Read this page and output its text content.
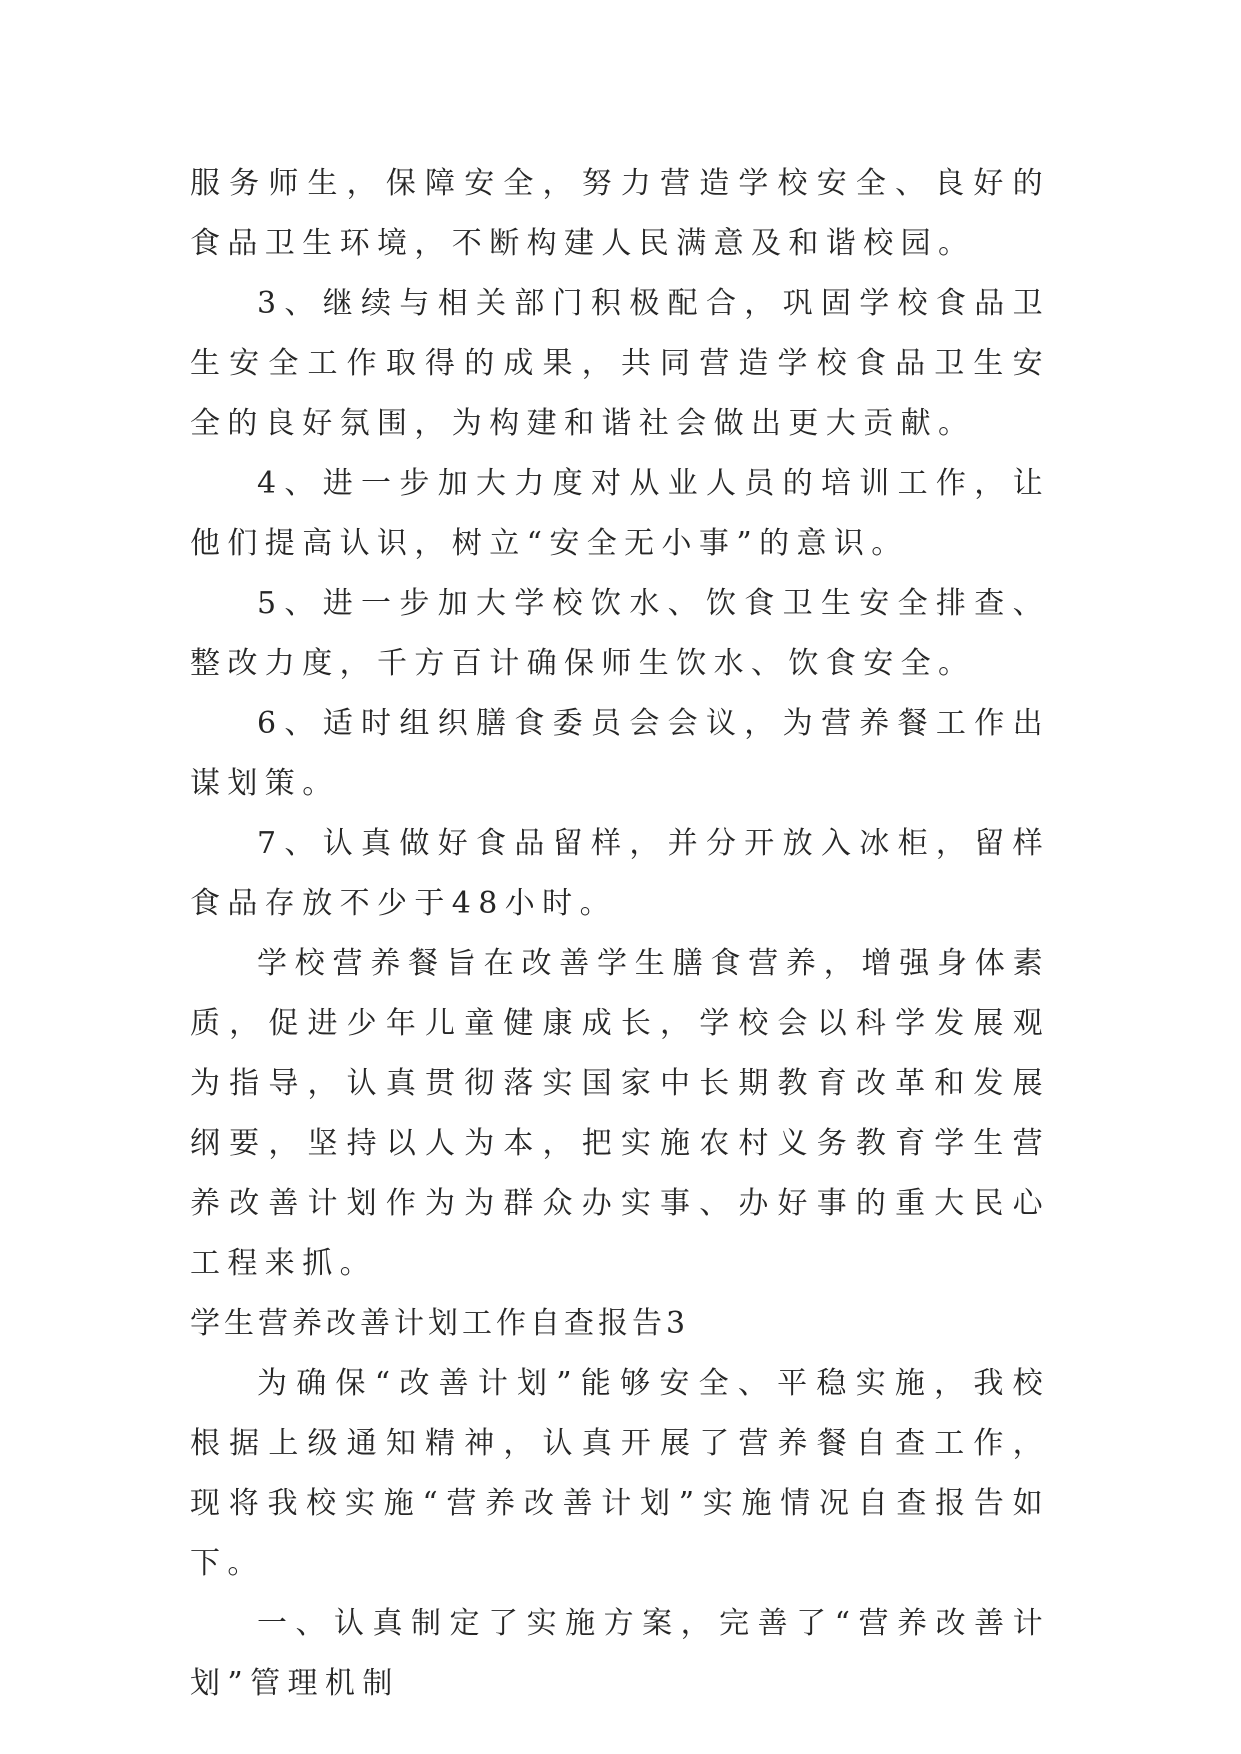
服务师生，保障安全，努力营造学校安全、良好的食品卫生环境，不断构建人民满意及和谐校园。

3、继续与相关部门积极配合，巩固学校食品卫生安全工作取得的成果，共同营造学校食品卫生安全的良好氛围，为构建和谐社会做出更大贡献。

4、进一步加大力度对从业人员的培训工作，让他们提高认识，树立“安全无小事”的意识。

5、进一步加大学校饮水、饮食卫生安全排查、整改力度，千方百计确保师生饮水、饮食安全。

6、适时组织膳食委员会会议，为营养餐工作出谋划策。

7、认真做好食品留样，并分开放入冰柜，留样食品存放不少于48小时。

学校营养餐旨在改善学生膳食营养，增强身体素质，促进少年儿童健康成长，学校会以科学发展观为指导，认真贯彻落实国家中长期教育改革和发展纲要，坚持以人为本，把实施农村义务教育学生营养改善计划作为为群众办实事、办好事的重大民心工程来抓。

学生营养改善计划工作自查报告3

为确保“改善计划”能够安全、平稳实施，我校根据上级通知精神，认真开展了营养餐自查工作，现将我校实施“营养改善计划”实施情况自查报告如下。

一、认真制定了实施方案，完善了“营养改善计划”管理机制
